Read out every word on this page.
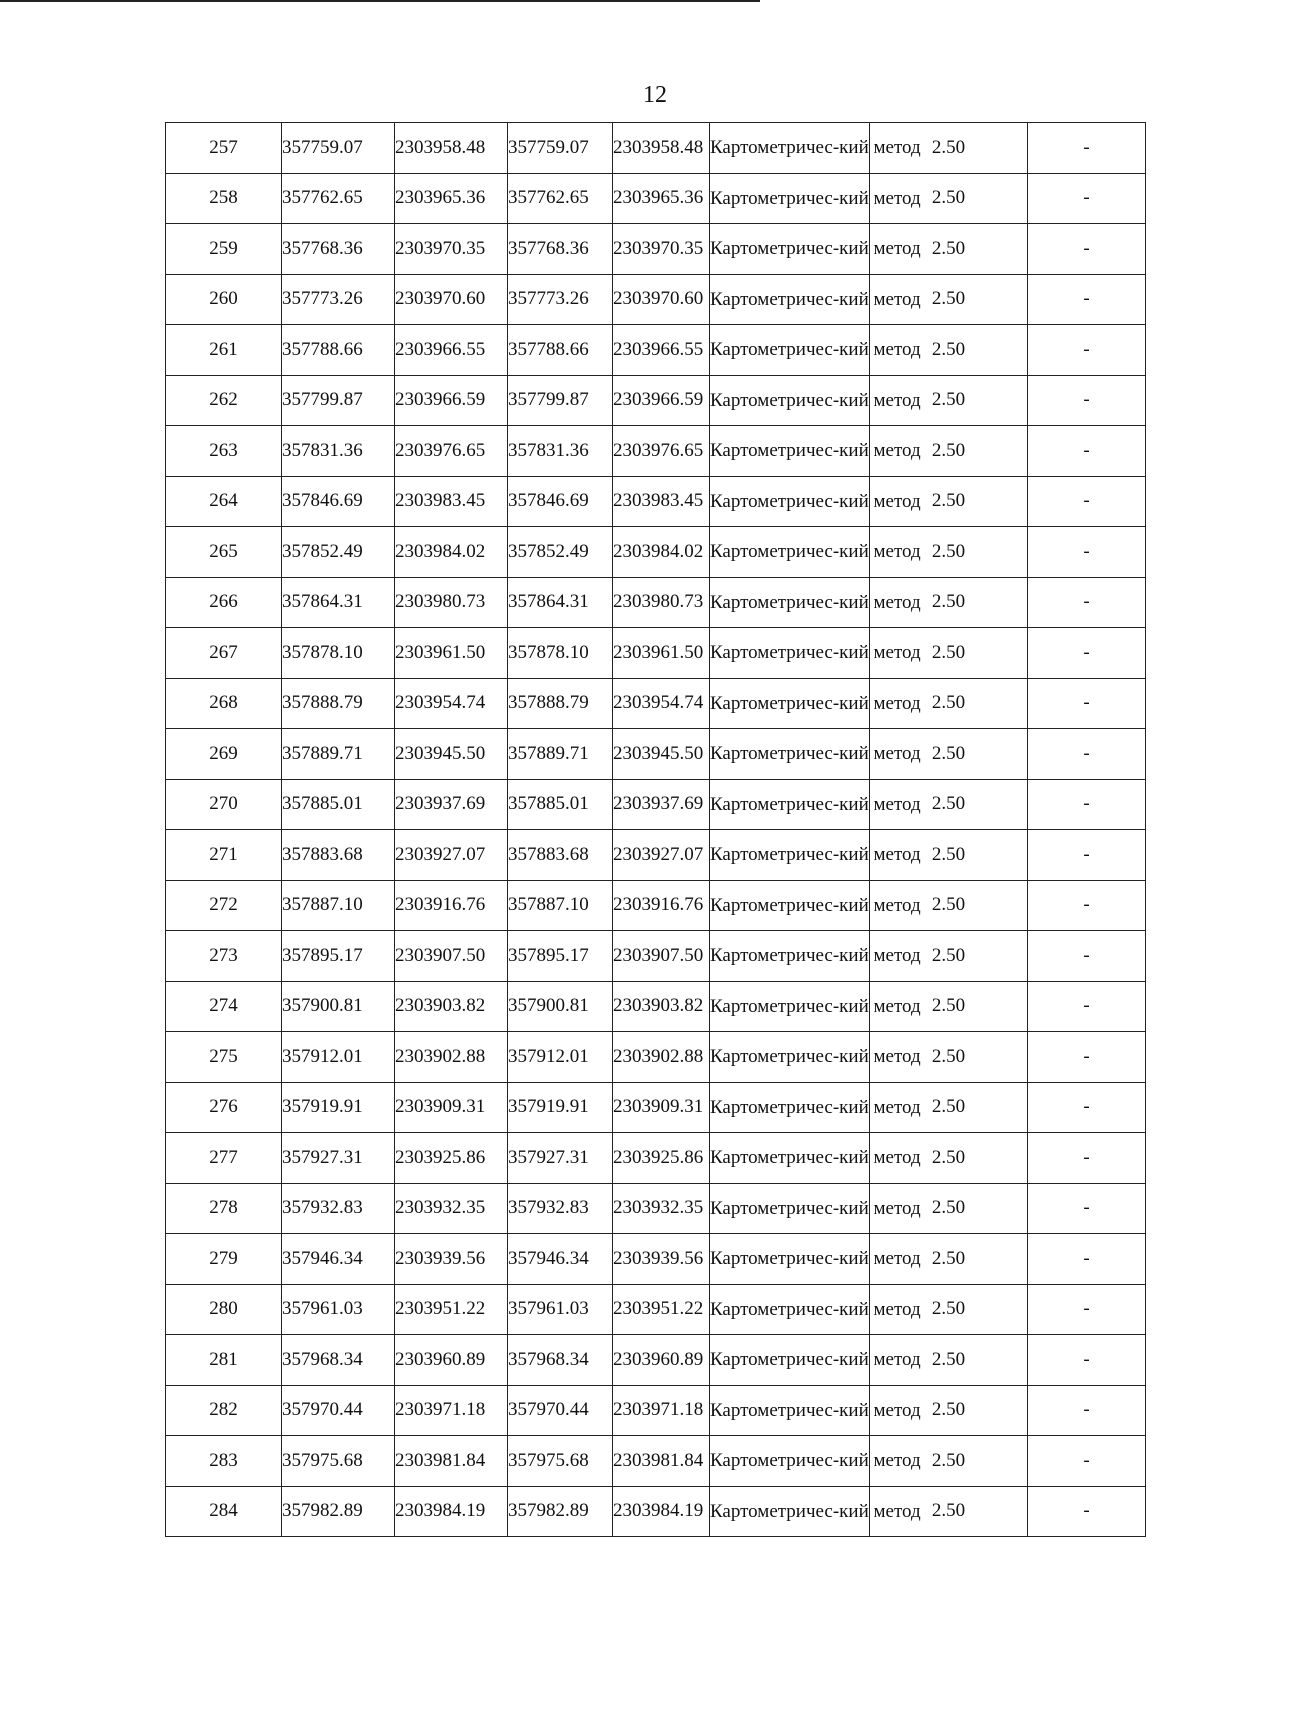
12
257	357759.07	2303958.48	357759.07	2303958.48	Картометричес-кий метод	2.50	-
258	357762.65	2303965.36	357762.65	2303965.36	Картометричес-кий метод	2.50	-
259	357768.36	2303970.35	357768.36	2303970.35	Картометричес-кий метод	2.50	-
260	357773.26	2303970.60	357773.26	2303970.60	Картометричес-кий метод	2.50	-
261	357788.66	2303966.55	357788.66	2303966.55	Картометричес-кий метод	2.50	-
262	357799.87	2303966.59	357799.87	2303966.59	Картометричес-кий метод	2.50	-
263	357831.36	2303976.65	357831.36	2303976.65	Картометричес-кий метод	2.50	-
264	357846.69	2303983.45	357846.69	2303983.45	Картометричес-кий метод	2.50	-
265	357852.49	2303984.02	357852.49	2303984.02	Картометричес-кий метод	2.50	-
266	357864.31	2303980.73	357864.31	2303980.73	Картометричес-кий метод	2.50	-
267	357878.10	2303961.50	357878.10	2303961.50	Картометричес-кий метод	2.50	-
268	357888.79	2303954.74	357888.79	2303954.74	Картометричес-кий метод	2.50	-
269	357889.71	2303945.50	357889.71	2303945.50	Картометричес-кий метод	2.50	-
270	357885.01	2303937.69	357885.01	2303937.69	Картометричес-кий метод	2.50	-
271	357883.68	2303927.07	357883.68	2303927.07	Картометричес-кий метод	2.50	-
272	357887.10	2303916.76	357887.10	2303916.76	Картометричес-кий метод	2.50	-
273	357895.17	2303907.50	357895.17	2303907.50	Картометричес-кий метод	2.50	-
274	357900.81	2303903.82	357900.81	2303903.82	Картометричес-кий метод	2.50	-
275	357912.01	2303902.88	357912.01	2303902.88	Картометричес-кий метод	2.50	-
276	357919.91	2303909.31	357919.91	2303909.31	Картометричес-кий метод	2.50	-
277	357927.31	2303925.86	357927.31	2303925.86	Картометричес-кий метод	2.50	-
278	357932.83	2303932.35	357932.83	2303932.35	Картометричес-кий метод	2.50	-
279	357946.34	2303939.56	357946.34	2303939.56	Картометричес-кий метод	2.50	-
280	357961.03	2303951.22	357961.03	2303951.22	Картометричес-кий метод	2.50	-
281	357968.34	2303960.89	357968.34	2303960.89	Картометричес-кий метод	2.50	-
282	357970.44	2303971.18	357970.44	2303971.18	Картометричес-кий метод	2.50	-
283	357975.68	2303981.84	357975.68	2303981.84	Картометричес-кий метод	2.50	-
284	357982.89	2303984.19	357982.89	2303984.19	Картометричес-кий метод	2.50	-
